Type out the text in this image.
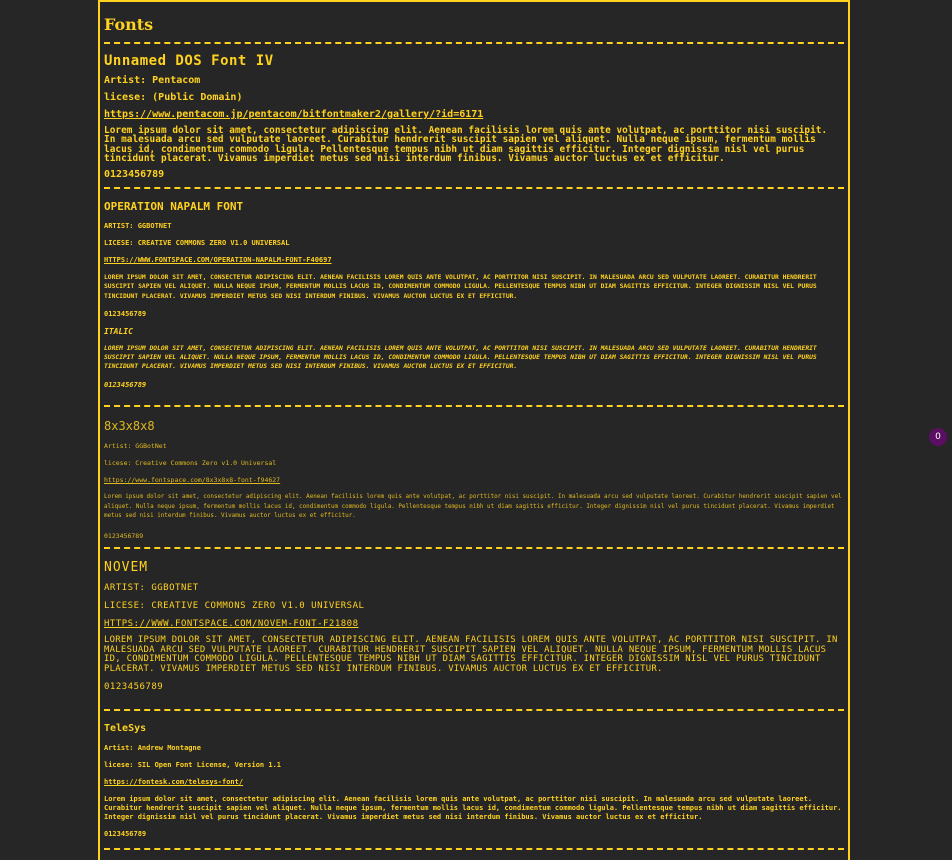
Fonts
Unnamed DOS Font IV

Artist: Pentacom

licese: (Public Domain)

https://www.pentacom.jp/pentacom/bitfontmaker2/gallery/?id=6171

Lorem ipsum dolor sit amet, consectetur adipiscing elit. Aenean facilisis lorem quis ante volutpat, ac porttitor nisi suscipit. In malesuada arcu sed vulputate laoreet. Curabitur hendrerit suscipit sapien vel aliquet. Nulla neque ipsum, fermentum mollis lacus id, condimentum commodo ligula. Pellentesque tempus nibh ut diam sagittis efficitur. Integer dignissim nisl vel purus tincidunt placerat. Vivamus imperdiet metus sed nisi interdum finibus. Vivamus auctor luctus ex et efficitur.

0123456789

OPERATION NAPALM FONT

ARTIST: GGBOTNET

LICESE: CREATIVE COMMONS ZERO V1.0 UNIVERSAL

HTTPS://WWW.FONTSPACE.COM/OPERATION-NAPALM-FONT-F40697

LOREM IPSUM DOLOR SIT AMET, CONSECTETUR ADIPISCING ELIT. AENEAN FACILISIS LOREM QUIS ANTE VOLUTPAT, AC PORTTITOR NISI SUSCIPIT. IN MALESUADA ARCU SED VULPUTATE LAOREET. CURABITUR HENDRERIT SUSCIPIT SAPIEN VEL ALIQUET. NULLA NEQUE IPSUM, FERMENTUM MOLLIS LACUS ID, CONDIMENTUM COMMODO LIGULA. PELLENTESQUE TEMPUS NIBH UT DIAM SAGITTIS EFFICITUR. INTEGER DIGNISSIM NISL VEL PURUS TINCIDUNT PLACERAT. VIVAMUS IMPERDIET METUS SED NISI INTERDUM FINIBUS. VIVAMUS AUCTOR LUCTUS EX ET EFFICITUR.

0123456789

ITALIC

LOREM IPSUM DOLOR SIT AMET, CONSECTETUR ADIPISCING ELIT. AENEAN FACILISIS LOREM QUIS ANTE VOLUTPAT, AC PORTTITOR NISI SUSCIPIT. IN MALESUADA ARCU SED VULPUTATE LAOREET. CURABITUR HENDRERIT SUSCIPIT SAPIEN VEL ALIQUET. NULLA NEQUE IPSUM, FERMENTUM MOLLIS LACUS ID, CONDIMENTUM COMMODO LIGULA. PELLENTESQUE TEMPUS NIBH UT DIAM SAGITTIS EFFICITUR. INTEGER DIGNISSIM NISL VEL PURUS TINCIDUNT PLACERAT. VIVAMUS IMPERDIET METUS SED NISI INTERDUM FINIBUS. VIVAMUS AUCTOR LUCTUS EX ET EFFICITUR.

0123456789

8x3x8x8

Artist: GGBotNet

licese: Creative Commons Zero v1.0 Universal

https://www.fontspace.com/8x3x8x8-font-f94627

Lorem ipsum dolor sit amet, consectetur adipiscing elit. Aenean facilisis lorem quis ante volutpat, ac porttitor nisi suscipit. In malesuada arcu sed vulputate laoreet. Curabitur hendrerit suscipit sapien vel aliquet. Nulla neque ipsum, fermentum mollis lacus id, condimentum commodo ligula. Pellentesque tempus nibh ut diam sagittis efficitur. Integer dignissim nisl vel purus tincidunt placerat. Vivamus imperdiet metus sed nisi interdum finibus. Vivamus auctor luctus ex et efficitur.

0123456789

NOVEM

ARTIST: GGBOTNET

LICESE: CREATIVE COMMONS ZERO V1.0 UNIVERSAL

HTTPS://WWW.FONTSPACE.COM/NOVEM-FONT-F21808

LOREM IPSUM DOLOR SIT AMET, CONSECTETUR ADIPISCING ELIT. AENEAN FACILISIS LOREM QUIS ANTE VOLUTPAT, AC PORTTITOR NISI SUSCIPIT. IN MALESUADA ARCU SED VULPUTATE LAOREET. CURABITUR HENDRERIT SUSCIPIT SAPIEN VEL ALIQUET. NULLA NEQUE IPSUM, FERMENTUM MOLLIS LACUS ID, CONDIMENTUM COMMODO LIGULA. PELLENTESQUE TEMPUS NIBH UT DIAM SAGITTIS EFFICITUR. INTEGER DIGNISSIM NISL VEL PURUS TINCIDUNT PLACERAT. VIVAMUS IMPERDIET METUS SED NISI INTERDUM FINIBUS. VIVAMUS AUCTOR LUCTUS EX ET EFFICITUR.

0123456789

TeleSys

Artist: Andrew Montagne

licese: SIL Open Font License, Version 1.1

https://fontesk.com/telesys-font/

Lorem ipsum dolor sit amet, consectetur adipiscing elit. Aenean facilisis lorem quis ante volutpat, ac porttitor nisi suscipit. In malesuada arcu sed vulputate laoreet. Curabitur hendrerit suscipit sapien vel aliquet. Nulla neque ipsum, fermentum mollis lacus id, condimentum commodo ligula. Pellentesque tempus nibh ut diam sagittis efficitur. Integer dignissim nisl vel purus tincidunt placerat. Vivamus imperdiet metus sed nisi interdum finibus. Vivamus auctor luctus ex et efficitur.

0123456789

0
